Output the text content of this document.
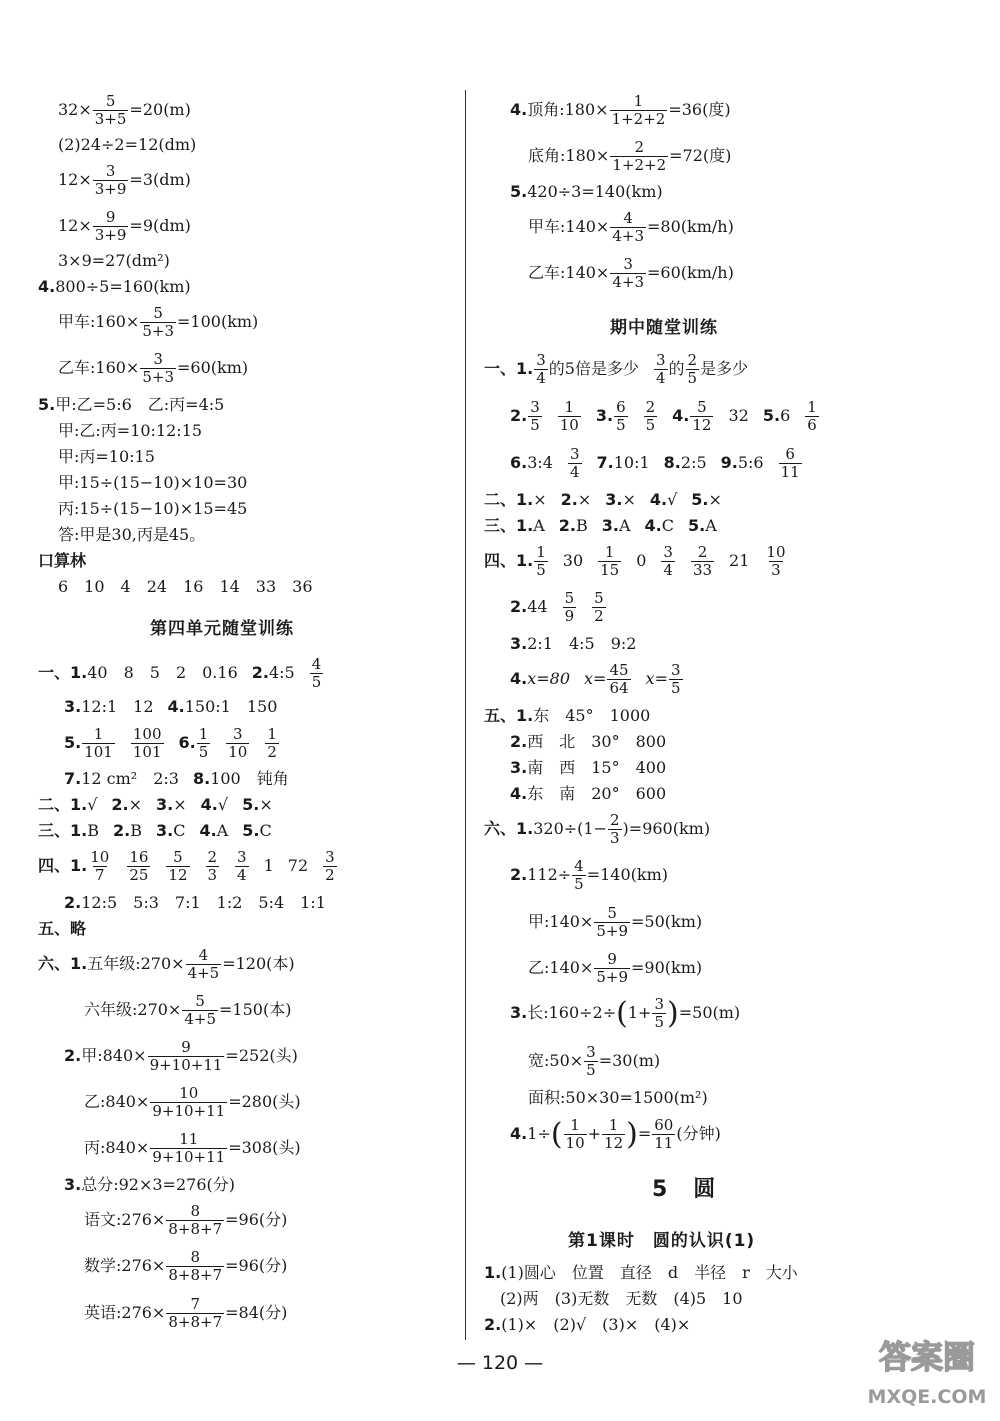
$32\times \frac{5}{3+5} =20(m)$
(2)24÷2=12(dm)
$12\times \frac{3}{3+9} =3(dm)$
$12\times \frac{9}{3+9} =9(dm)$
3×9=27(dm²)
4. 800÷5=160(km)
甲车:160× $\frac{5}{5+3} =100(km)$
乙车:160× $\frac{3}{5+3} =60(km)$
5. 甲:乙=5:6　乙:丙=4:5
甲:乙:丙=10:12:15
甲:丙=10:15
甲:15÷(15−10)×10=30
丙:15÷(15−10)×15=45
答:甲是30,丙是45。
口算林
6　10　4　24　16　14　33　36
第四单元随堂训练
一、1. 40　8　5　2　0.16 2. 4:5 $\frac{4}{5}$
3. 12:1　12 4. 150:1　150
5. $\frac{1}{101} \frac{100}{101} 6$. $\frac{1}{5} \frac{3}{10} \frac{1}{2}$
7. 12 cm²　2:3 8. 100　钝角
二、1. √ 2. × 3. × 4. √ 5. ×
三、1. B 2. B 3. C 4. A 5. C
四、1. $\frac{10}{7} \frac{16}{25} \frac{5}{12} \frac{2}{3} \frac{3}{4} 1$ $72 \frac{3}{2}$
2. 12:5　5:3　7:1　1:2　5:4　1:1
五、略
六、1. 五年级:270× $\frac{4}{4+5} =120$(本)
六年级:270× $\frac{5}{4+5} =150$(本)
2. 甲:840× $\frac{9}{9+10+11} =252$(头)
乙:840× $\frac{10}{9+10+11} =280$(头)
丙:840× $\frac{11}{9+10+11} =308$(头)
3. 总分:92×3=276(分)
语文:276× $\frac{8}{8+8+7} =96$(分)
数学:276× $\frac{8}{8+8+7} =96$(分)
英语:276× $\frac{7}{8+8+7} =84$(分)
4. 顶角:180× $\frac{1}{1+2+2} =36$(度)
底角:180× $\frac{2}{1+2+2} =72$(度)
5. 420÷3=140(km)
甲车:140× $\frac{4}{4+3} =80(km/h)$
乙车:140× $\frac{3}{4+3} =60(km/h)$
期中随堂训练
一、1. $\frac{3}{4}$ 的5倍是多少 $\frac{3}{4}$ 的 $\frac{2}{5}$ 是多少
2. $\frac{3}{5} \frac{1}{10} 3$. $\frac{6}{5} \frac{2}{5} 4$. $\frac{5}{12} 32$ 5. $6 \frac{1}{6}$
6. 3:4 $\frac{3}{4} 7$. 10:1 8. 2:5 9. 5:6 $\frac{6}{11}$
二、1. × 2. × 3. × 4. √ 5. ×
三、1. A 2. B 3. A 4. C 5. A
四、1. $\frac{1}{5} 30 \frac{1}{15} 0 \frac{3}{4} \frac{2}{33} 21 \frac{10}{3}$
2. $44 \frac{5}{9} \frac{5}{2}$
3. 2:1　4:5　9:2
4. x=80 $x= \frac{45}{64} x= \frac{3}{5}$
五、1. 东　45°　1000
2. 西　北　30°　800
3. 南　西　15°　400
4. 东　南　20°　600
六、1. $320\div(1- \frac{2}{3} )=960(km)$
2. $112\div \frac{4}{5} =140(km)$
甲:140× $\frac{5}{5+9} =50(km)$
乙:140× $\frac{9}{5+9} =90(km)$
3. 长:160÷2÷ ( $1+ \frac{3}{5}$ ) =50(m)
宽:50× $\frac{3}{5} =30(m)$
面积:50×30=1500(m²)
4. 1÷ ( $\frac{1}{10} + \frac{1}{12}$ ) = $\frac{60}{11}$ (分钟)
5　圆
第1课时　圆的认识(1)
1. (1)圆心　位置　直径　d　半径　r　大小
(2)两　(3)无数　无数　(4)5　10
2. (1)×　(2)√　(3)×　(4)×
— 120 —	答案圈
MXQE.COM
